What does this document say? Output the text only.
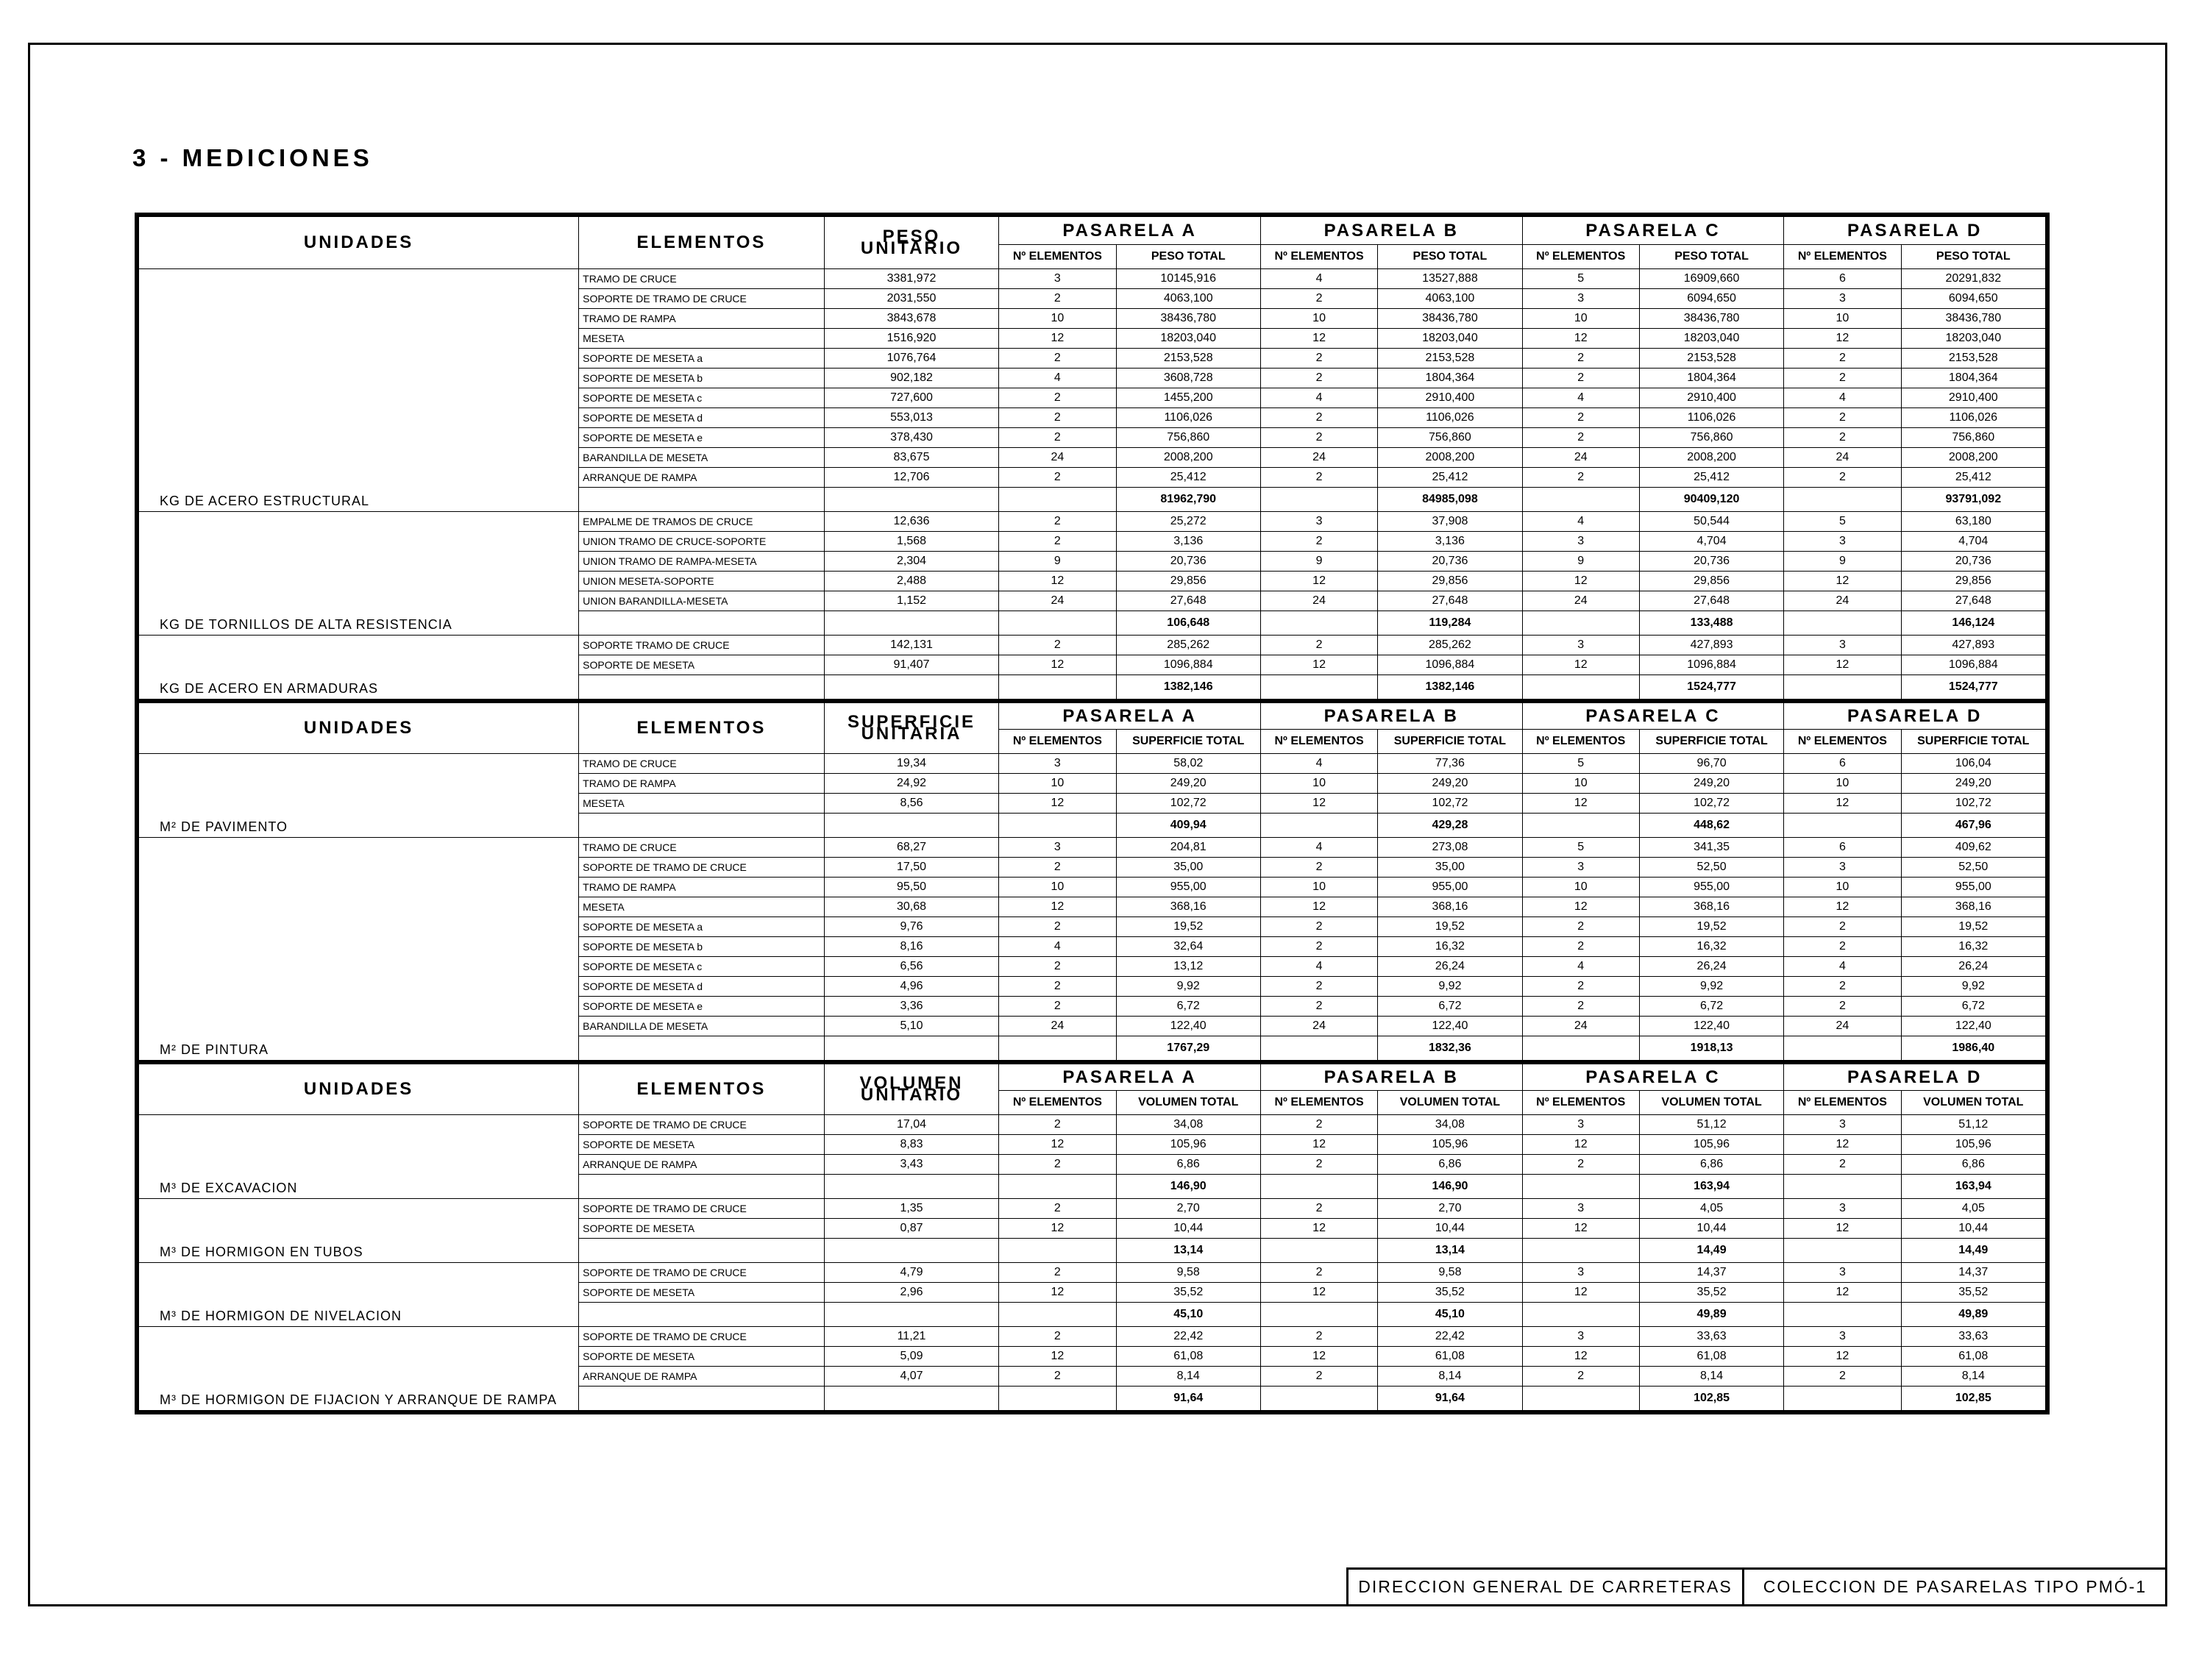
3 - MEDICIONES
UNIDADES	ELEMENTOS	PESO UNITARIO	PASARELA A		PASARELA B		PASARELA C		PASARELA D	
			Nº ELEMENTOS	PESO TOTAL	Nº ELEMENTOS	PESO TOTAL	Nº ELEMENTOS	PESO TOTAL	Nº ELEMENTOS	PESO TOTAL
KG DE ACERO ESTRUCTURAL	TRAMO DE CRUCE	3381,972	3	10145,916	4	13527,888	5	16909,660	6	20291,832
	SOPORTE DE TRAMO DE CRUCE	2031,550	2	4063,100	2	4063,100	3	6094,650	3	6094,650
	TRAMO DE RAMPA	3843,678	10	38436,780	10	38436,780	10	38436,780	10	38436,780
	MESETA	1516,920	12	18203,040	12	18203,040	12	18203,040	12	18203,040
	SOPORTE DE MESETA a	1076,764	2	2153,528	2	2153,528	2	2153,528	2	2153,528
	SOPORTE DE MESETA b	902,182	4	3608,728	2	1804,364	2	1804,364	2	1804,364
	SOPORTE DE MESETA c	727,600	2	1455,200	4	2910,400	4	2910,400	4	2910,400
	SOPORTE DE MESETA d	553,013	2	1106,026	2	1106,026	2	1106,026	2	1106,026
	SOPORTE DE MESETA e	378,430	2	756,860	2	756,860	2	756,860	2	756,860
	BARANDILLA DE MESETA	83,675	24	2008,200	24	2008,200	24	2008,200	24	2008,200
	ARRANQUE DE RAMPA	12,706	2	25,412	2	25,412	2	25,412	2	25,412
				81962,790		84985,098		90409,120		93791,092
KG DE TORNILLOS DE ALTA RESISTENCIA	EMPALME DE TRAMOS DE CRUCE	12,636	2	25,272	3	37,908	4	50,544	5	63,180
	UNION TRAMO DE CRUCE-SOPORTE	1,568	2	3,136	2	3,136	3	4,704	3	4,704
	UNION TRAMO DE RAMPA-MESETA	2,304	9	20,736	9	20,736	9	20,736	9	20,736
	UNION MESETA-SOPORTE	2,488	12	29,856	12	29,856	12	29,856	12	29,856
	UNION BARANDILLA-MESETA	1,152	24	27,648	24	27,648	24	27,648	24	27,648
				106,648		119,284		133,488		146,124
KG DE ACERO EN ARMADURAS	SOPORTE TRAMO DE CRUCE	142,131	2	285,262	2	285,262	3	427,893	3	427,893
	SOPORTE DE MESETA	91,407	12	1096,884	12	1096,884	12	1096,884	12	1096,884
				1382,146		1382,146		1524,777		1524,777
UNIDADES	ELEMENTOS	SUPERFICIE UNITARIA	PASARELA A		PASARELA B		PASARELA C		PASARELA D	
			Nº ELEMENTOS	SUPERFICIE TOTAL	Nº ELEMENTOS	SUPERFICIE TOTAL	Nº ELEMENTOS	SUPERFICIE TOTAL	Nº ELEMENTOS	SUPERFICIE TOTAL
M² DE PAVIMENTO	TRAMO DE CRUCE	19,34	3	58,02	4	77,36	5	96,70	6	106,04
	TRAMO DE RAMPA	24,92	10	249,20	10	249,20	10	249,20	10	249,20
	MESETA	8,56	12	102,72	12	102,72	12	102,72	12	102,72
				409,94		429,28		448,62		467,96
M² DE PINTURA	TRAMO DE CRUCE	68,27	3	204,81	4	273,08	5	341,35	6	409,62
	SOPORTE DE TRAMO DE CRUCE	17,50	2	35,00	2	35,00	3	52,50	3	52,50
	TRAMO DE RAMPA	95,50	10	955,00	10	955,00	10	955,00	10	955,00
	MESETA	30,68	12	368,16	12	368,16	12	368,16	12	368,16
	SOPORTE DE MESETA a	9,76	2	19,52	2	19,52	2	19,52	2	19,52
	SOPORTE DE MESETA b	8,16	4	32,64	2	16,32	2	16,32	2	16,32
	SOPORTE DE MESETA c	6,56	2	13,12	4	26,24	4	26,24	4	26,24
	SOPORTE DE MESETA d	4,96	2	9,92	2	9,92	2	9,92	2	9,92
	SOPORTE DE MESETA e	3,36	2	6,72	2	6,72	2	6,72	2	6,72
	BARANDILLA DE MESETA	5,10	24	122,40	24	122,40	24	122,40	24	122,40
				1767,29		1832,36		1918,13		1986,40
UNIDADES	ELEMENTOS	VOLUMEN UNITARIO	PASARELA A		PASARELA B		PASARELA C		PASARELA D	
			Nº ELEMENTOS	VOLUMEN TOTAL	Nº ELEMENTOS	VOLUMEN TOTAL	Nº ELEMENTOS	VOLUMEN TOTAL	Nº ELEMENTOS	VOLUMEN TOTAL
M³ DE EXCAVACION	SOPORTE DE TRAMO DE CRUCE	17,04	2	34,08	2	34,08	3	51,12	3	51,12
	SOPORTE DE MESETA	8,83	12	105,96	12	105,96	12	105,96	12	105,96
	ARRANQUE DE RAMPA	3,43	2	6,86	2	6,86	2	6,86	2	6,86
				146,90		146,90		163,94		163,94
M³ DE HORMIGON EN TUBOS	SOPORTE DE TRAMO DE CRUCE	1,35	2	2,70	2	2,70	3	4,05	3	4,05
	SOPORTE DE MESETA	0,87	12	10,44	12	10,44	12	10,44	12	10,44
				13,14		13,14		14,49		14,49
M³ DE HORMIGON DE NIVELACION	SOPORTE DE TRAMO DE CRUCE	4,79	2	9,58	2	9,58	3	14,37	3	14,37
	SOPORTE DE MESETA	2,96	12	35,52	12	35,52	12	35,52	12	35,52
				45,10		45,10		49,89		49,89
M³ DE HORMIGON DE FIJACION Y ARRANQUE DE RAMPA	SOPORTE DE TRAMO DE CRUCE	11,21	2	22,42	2	22,42	3	33,63	3	33,63
	SOPORTE DE MESETA	5,09	12	61,08	12	61,08	12	61,08	12	61,08
	ARRANQUE DE RAMPA	4,07	2	8,14	2	8,14	2	8,14	2	8,14
				91,64		91,64		102,85		102,85
DIRECCION GENERAL DE CARRETERAS	COLECCION DE PASARELAS TIPO PMÓ-1
